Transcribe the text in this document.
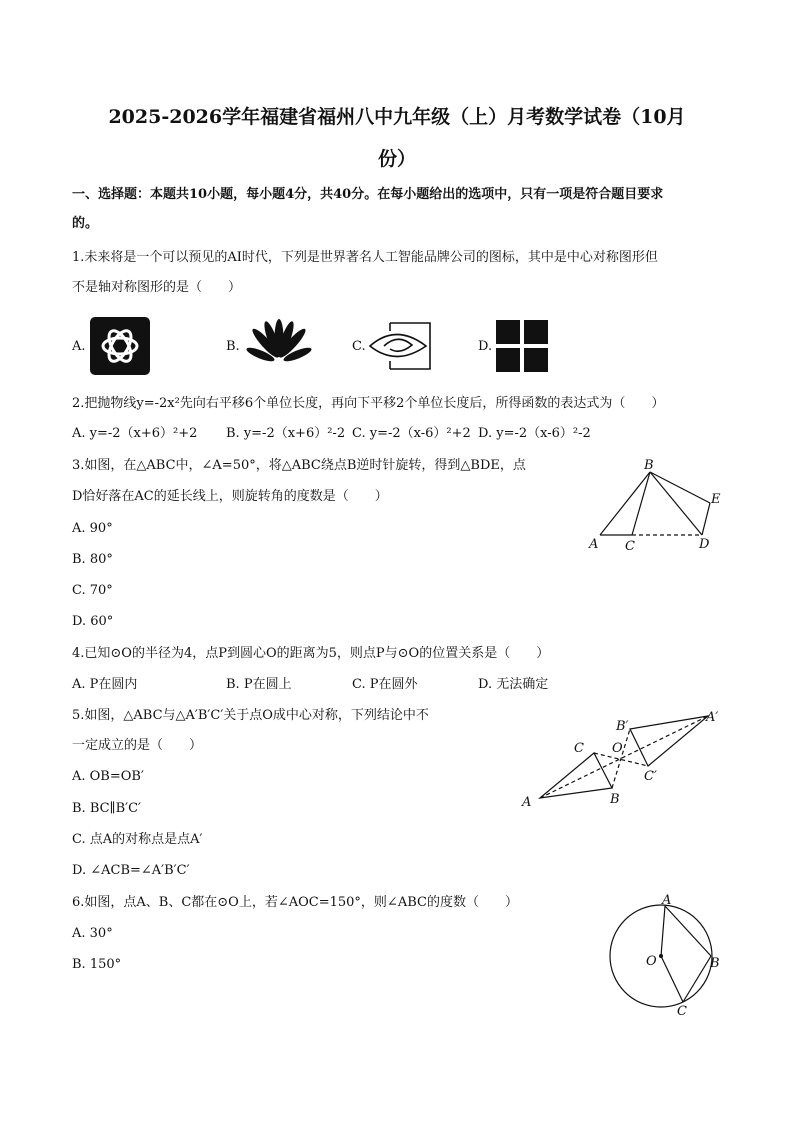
2025-2026学年福建省福州八中九年级（上）月考数学试卷（10月
份）
一、选择题：本题共10小题，每小题4分，共40分。在每小题给出的选项中，只有一项是符合题目要求
的。
1.未来将是一个可以预见的AI时代，下列是世界著名人工智能品牌公司的图标，其中是中心对称图形但
不是轴对称图形的是（　　）
A.	B.	C.	D.
2.把抛物线y=-2x²先向右平移6个单位长度，再向下平移2个单位长度后，所得函数的表达式为（　　）
A. y=-2（x+6）²+2 B. y=-2（x+6）²-2 C. y=-2（x-6）²+2 D. y=-2（x-6）²-2
3.如图，在△ABC中，∠A=50°，将△ABC绕点B逆时针旋转，得到△BDE，点
D恰好落在AC的延长线上，则旋转角的度数是（　　）
A. 90°
B. 80°
C. 70°
D. 60°
B
E
A C	D
4.已知⊙O的半径为4，点P到圆心O的距离为5，则点P与⊙O的位置关系是（　　）
A. P在圆内	B. P在圆上	C. P在圆外	D. 无法确定
5.如图，△ABC与△A′B′C′关于点O成中心对称，下列结论中不
一定成立的是（　　）
A. OB=OB′
B. BC∥B′C′
C. 点A的对称点是点A′
D. ∠ACB=∠A′B′C′
B′
A′
C O
C′
A	B
6.如图，点A、B、C都在⊙O上，若∠AOC=150°，则∠ABC的度数（　　）
A. 30°
B. 150°
A
O	B
C
